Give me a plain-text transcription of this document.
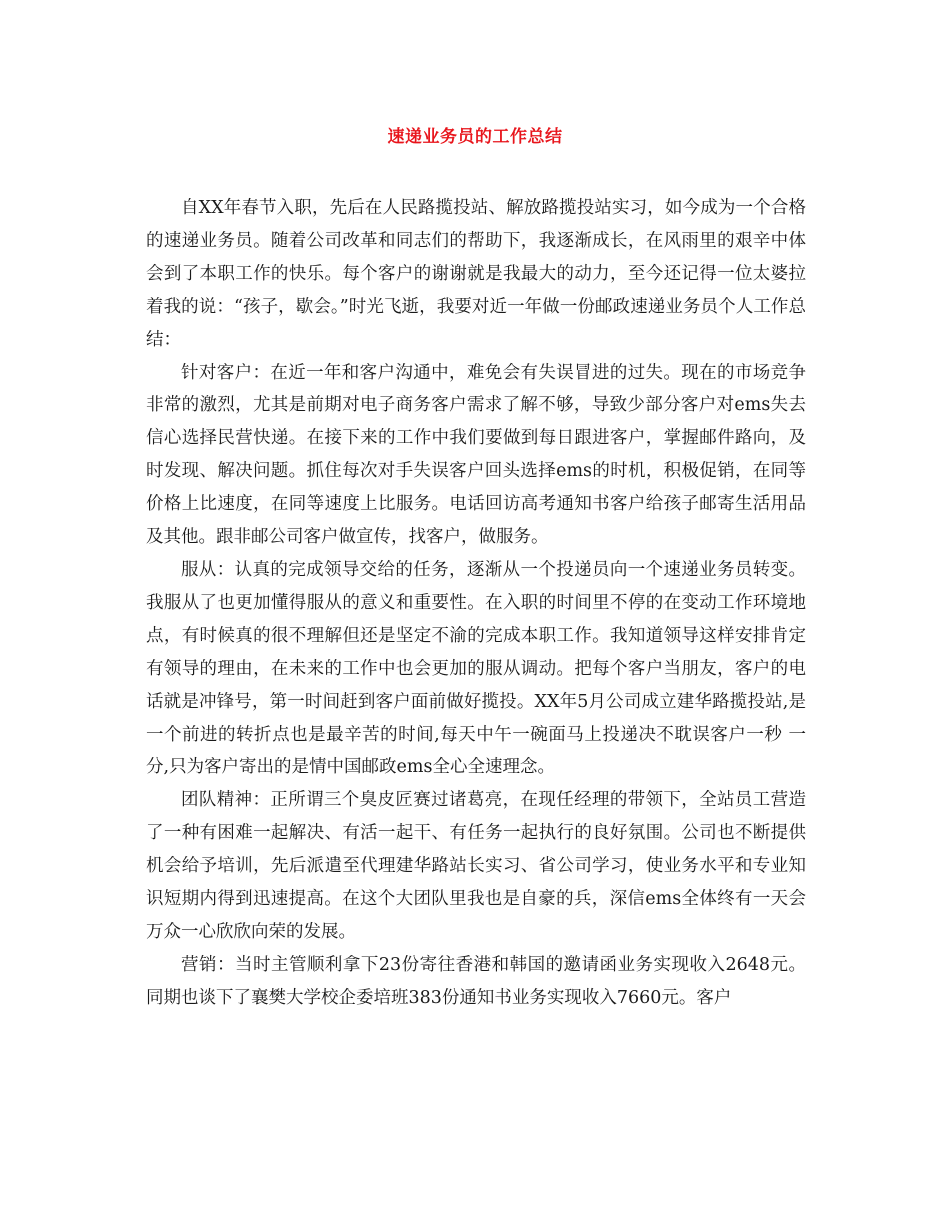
速递业务员的工作总结

自XX年春节入职，先后在人民路揽投站、解放路揽投站实习，如今成为一个合格的速递业务员。随着公司改革和同志们的帮助下，我逐渐成长，在风雨里的艰辛中体会到了本职工作的快乐。每个客户的谢谢就是我最大的动力，至今还记得一位太婆拉着我的说：“孩子，歇会。”时光飞逝，我要对近一年做一份邮政速递业务员个人工作总结：

针对客户：在近一年和客户沟通中，难免会有失误冒进的过失。现在的市场竞争非常的激烈，尤其是前期对电子商务客户需求了解不够，导致少部分客户对ems失去信心选择民营快递。在接下来的工作中我们要做到每日跟进客户，掌握邮件路向，及时发现、解决问题。抓住每次对手失误客户回头选择ems的时机，积极促销，在同等价格上比速度，在同等速度上比服务。电话回访高考通知书客户给孩子邮寄生活用品及其他。跟非邮公司客户做宣传，找客户，做服务。

服从：认真的完成领导交给的任务，逐渐从一个投递员向一个速递业务员转变。我服从了也更加懂得服从的意义和重要性。在入职的时间里不停的在变动工作环境地点，有时候真的很不理解但还是坚定不渝的完成本职工作。我知道领导这样安排肯定有领导的理由，在未来的工作中也会更加的服从调动。把每个客户当朋友，客户的电话就是冲锋号，第一时间赶到客户面前做好揽投。XX年5月公司成立建华路揽投站,是一个前进的转折点也是最辛苦的时间,每天中午一碗面马上投递决不耽误客户一秒 一分,只为客户寄出的是情中国邮政ems全心全速理念。

团队精神：正所谓三个臭皮匠赛过诸葛亮，在现任经理的带领下，全站员工营造了一种有困难一起解决、有活一起干、有任务一起执行的良好氛围。公司也不断提供机会给予培训，先后派遣至代理建华路站长实习、省公司学习，使业务水平和专业知识短期内得到迅速提高。在这个大团队里我也是自豪的兵，深信ems全体终有一天会万众一心欣欣向荣的发展。

营销：当时主管顺利拿下23份寄往香港和韩国的邀请函业务实现收入2648元。同期也谈下了襄樊大学校企委培班383份通知书业务实现收入7660元。客户
